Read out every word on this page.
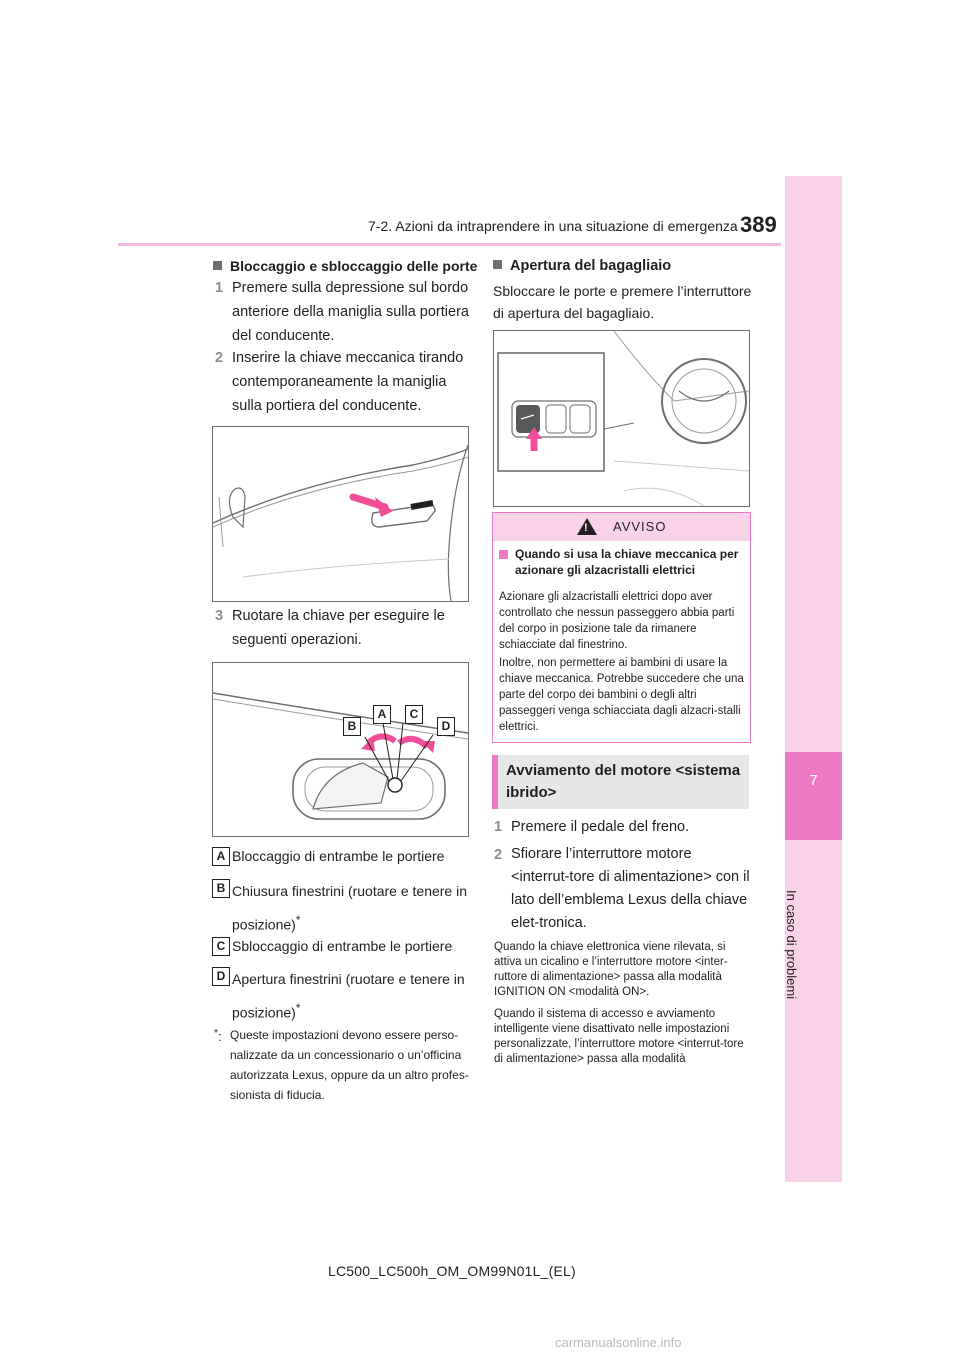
7
In caso di problemi
7-2. Azioni da intraprendere in una situazione di emergenza 389
Bloccaggio e sbloccaggio delle porte
1 Premere sulla depressione sul bordo anteriore della maniglia sulla portiera del conducente.
2 Inserire la chiave meccanica tirando contemporaneamente la maniglia sulla portiera del conducente.
3 Ruotare la chiave per eseguire le seguenti operazioni.
B
A	C
D
A Bloccaggio di entrambe le portiere
B Chiusura finestrini (ruotare e tenere in posizione)*
C Sbloccaggio di entrambe le portiere
D Apertura finestrini (ruotare e tenere in posizione)*
*: Queste impostazioni devono essere perso-nalizzate da un concessionario o un’officina autorizzata Lexus, oppure da un altro profes-sionista di fiducia.
Apertura del bagagliaio
Sbloccare le porte e premere l’interruttore di apertura del bagagliaio.
! AVVISO
Quando si usa la chiave meccanica per azionare gli alzacristalli elettrici
Azionare gli alzacristalli elettrici dopo aver controllato che nessun passeggero abbia parti del corpo in posizione tale da rimanere schiacciate dal finestrino.
Inoltre, non permettere ai bambini di usare la chiave meccanica. Potrebbe succedere che una parte del corpo dei bambini o degli altri passeggeri venga schiacciata dagli alzacri-stalli elettrici.
Avviamento del motore <sistema ibrido>
1 Premere il pedale del freno.
2 Sfiorare l’interruttore motore <interrut-tore di alimentazione> con il lato dell’emblema Lexus della chiave elet-tronica.
Quando la chiave elettronica viene rilevata, si attiva un cicalino e l’interruttore motore <inter-ruttore di alimentazione> passa alla modalità IGNITION ON <modalità ON>.
Quando il sistema di accesso e avviamento intelligente viene disattivato nelle impostazioni personalizzate, l’interruttore motore <interrut-tore di alimentazione> passa alla modalità
LC500_LC500h_OM_OM99N01L_(EL)
carmanualsonline.info
